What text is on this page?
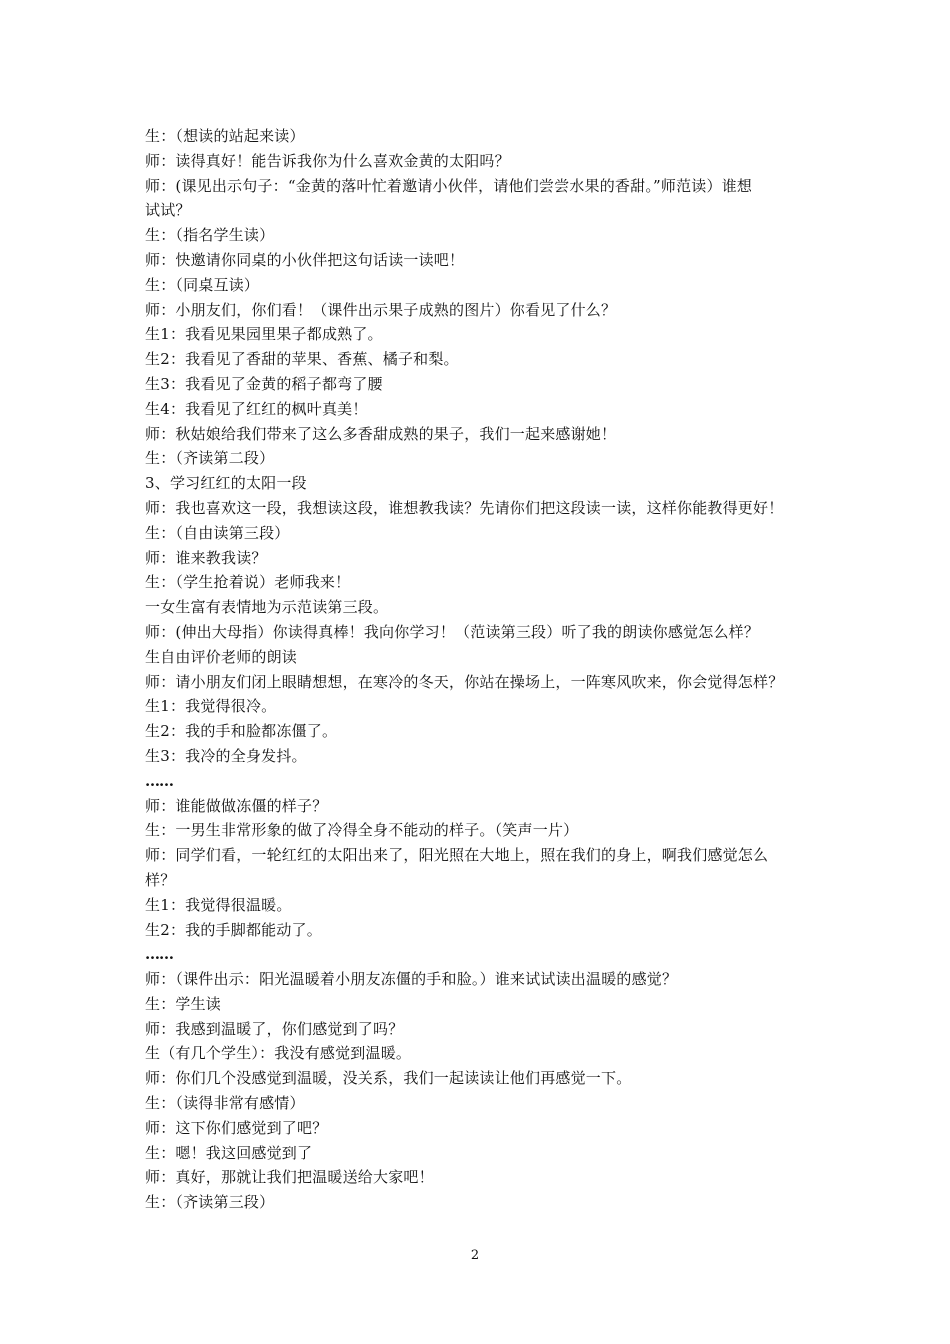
生：（想读的站起来读）
师：读得真好！能告诉我你为什么喜欢金黄的太阳吗？
师：(课见出示句子：“金黄的落叶忙着邀请小伙伴，请他们尝尝水果的香甜。”师范读）谁想
试试？
生：（指名学生读）
师：快邀请你同桌的小伙伴把这句话读一读吧！
生：（同桌互读）
师：小朋友们，你们看！（课件出示果子成熟的图片）你看见了什么？
生1：我看见果园里果子都成熟了。
生2：我看见了香甜的苹果、香蕉、橘子和梨。
生3：我看见了金黄的稻子都弯了腰
生4：我看见了红红的枫叶真美！
师：秋姑娘给我们带来了这么多香甜成熟的果子，我们一起来感谢她！
生：（齐读第二段）
3、学习红红的太阳一段
师：我也喜欢这一段，我想读这段，谁想教我读？先请你们把这段读一读，这样你能教得更好！
生：（自由读第三段）
师：谁来教我读？
生：（学生抢着说）老师我来！
一女生富有表情地为示范读第三段。
师：(伸出大母指）你读得真棒！我向你学习！（范读第三段）听了我的朗读你感觉怎么样？
生自由评价老师的朗读
师：请小朋友们闭上眼睛想想，在寒冷的冬天，你站在操场上，一阵寒风吹来，你会觉得怎样？
生1：我觉得很冷。
生2：我的手和脸都冻僵了。
生3：我冷的全身发抖。
……
师：谁能做做冻僵的样子？
生：一男生非常形象的做了冷得全身不能动的样子。（笑声一片）
师：同学们看，一轮红红的太阳出来了，阳光照在大地上，照在我们的身上，啊我们感觉怎么
样？
生1：我觉得很温暖。
生2：我的手脚都能动了。
……
师：（课件出示：阳光温暖着小朋友冻僵的手和脸。）谁来试试读出温暖的感觉？
生：学生读
师：我感到温暖了，你们感觉到了吗？
生（有几个学生）：我没有感觉到温暖。
师：你们几个没感觉到温暖，没关系，我们一起读读让他们再感觉一下。
生：（读得非常有感情）
师：这下你们感觉到了吧？
生：嗯！我这回感觉到了
师：真好，那就让我们把温暖送给大家吧！
生：（齐读第三段）
2
